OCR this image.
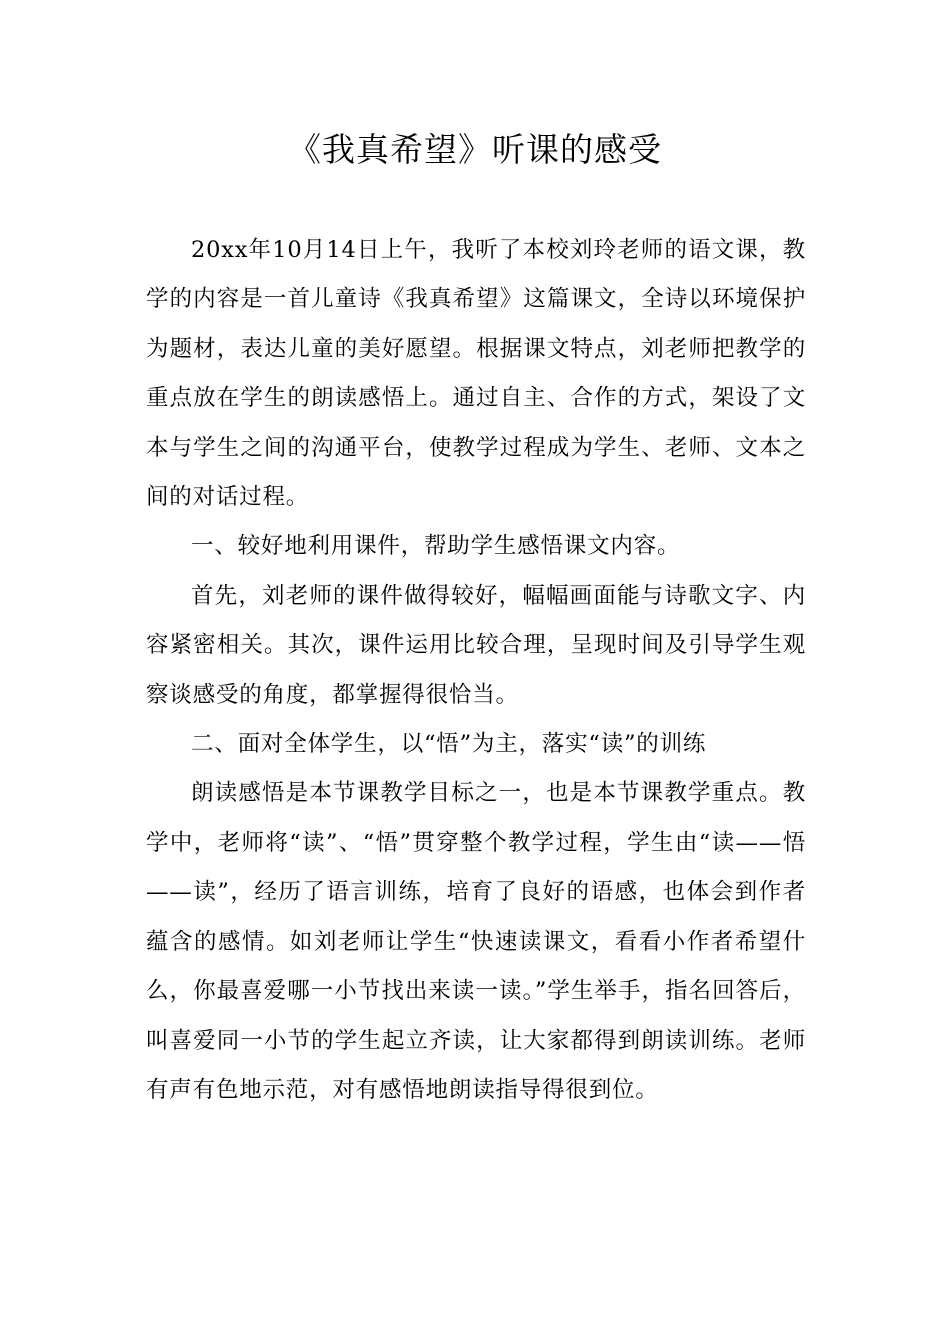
《我真希望》听课的感受

20xx年10月14日上午，我听了本校刘玲老师的语文课，教学的内容是一首儿童诗《我真希望》这篇课文，全诗以环境保护为题材，表达儿童的美好愿望。根据课文特点，刘老师把教学的重点放在学生的朗读感悟上。通过自主、合作的方式，架设了文本与学生之间的沟通平台，使教学过程成为学生、老师、文本之间的对话过程。

一、较好地利用课件，帮助学生感悟课文内容。

首先，刘老师的课件做得较好，幅幅画面能与诗歌文字、内容紧密相关。其次，课件运用比较合理，呈现时间及引导学生观察谈感受的角度，都掌握得很恰当。

二、面对全体学生，以“悟”为主，落实“读”的训练

朗读感悟是本节课教学目标之一，也是本节课教学重点。教学中，老师将“读”、“悟”贯穿整个教学过程，学生由“读——悟——读”，经历了语言训练，培育了良好的语感，也体会到作者蕴含的感情。如刘老师让学生“快速读课文，看看小作者希望什么，你最喜爱哪一小节找出来读一读。”学生举手，指名回答后，叫喜爱同一小节的学生起立齐读，让大家都得到朗读训练。老师有声有色地示范，对有感悟地朗读指导得很到位。
